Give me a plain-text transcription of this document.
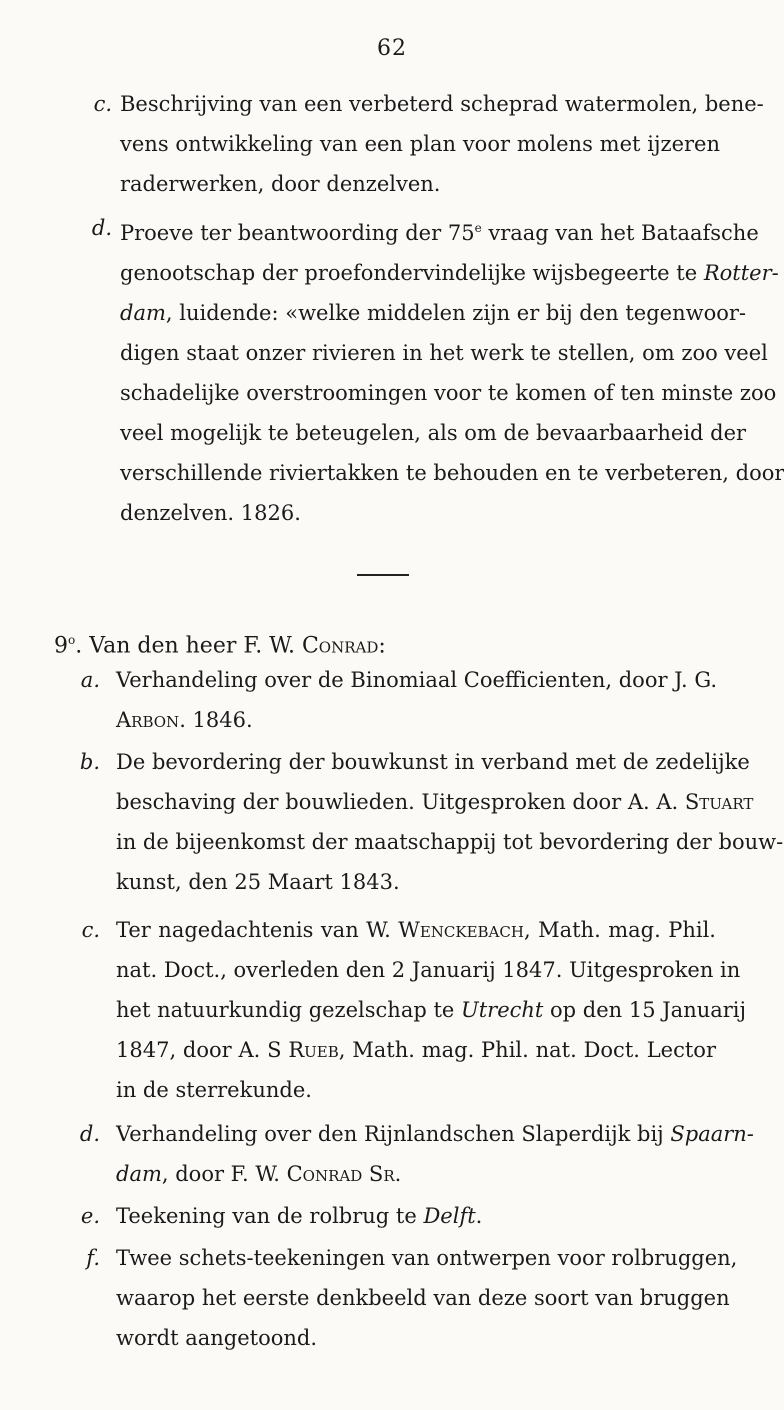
62
c. Beschrijving van een verbeterd scheprad watermolen, bene-
vens ontwikkeling van een plan voor molens met ijzeren
raderwerken, door denzelven.
d. Proeve ter beantwoording der 75e vraag van het Bataafsche
genootschap der proefondervindelijke wijsbegeerte te Rotter-
dam, luidende: «welke middelen zijn er bij den tegenwoor-
digen staat onzer rivieren in het werk te stellen, om zoo veel
schadelijke overstroomingen voor te komen of ten minste zoo
veel mogelijk te beteugelen, als om de bevaarbaarheid der
verschillende riviertakken te behouden en te verbeteren, door
denzelven. 1826.
9$^o$. Van den heer F. W. Conrad:
a. Verhandeling over de Binomiaal Coefficienten, door J. G.
Arbon. 1846.
b. De bevordering der bouwkunst in verband met de zedelijke
beschaving der bouwlieden. Uitgesproken door A. A. Stuart
in de bijeenkomst der maatschappij tot bevordering der bouw-
kunst, den 25 Maart 1843.
c. Ter nagedachtenis van W. Wenckebach, Math. mag. Phil.
nat. Doct., overleden den 2 Januarij 1847. Uitgesproken in
het natuurkundig gezelschap te Utrecht op den 15 Januarij
1847, door A. S Rueb, Math. mag. Phil. nat. Doct. Lector
in de sterrekunde.
d. Verhandeling over den Rijnlandschen Slaperdijk bij Spaarn-
dam, door F. W. Conrad Sr.
e. Teekening van de rolbrug te Delft.
f. Twee schets-teekeningen van ontwerpen voor rolbruggen,
waarop het eerste denkbeeld van deze soort van bruggen
wordt aangetoond.
